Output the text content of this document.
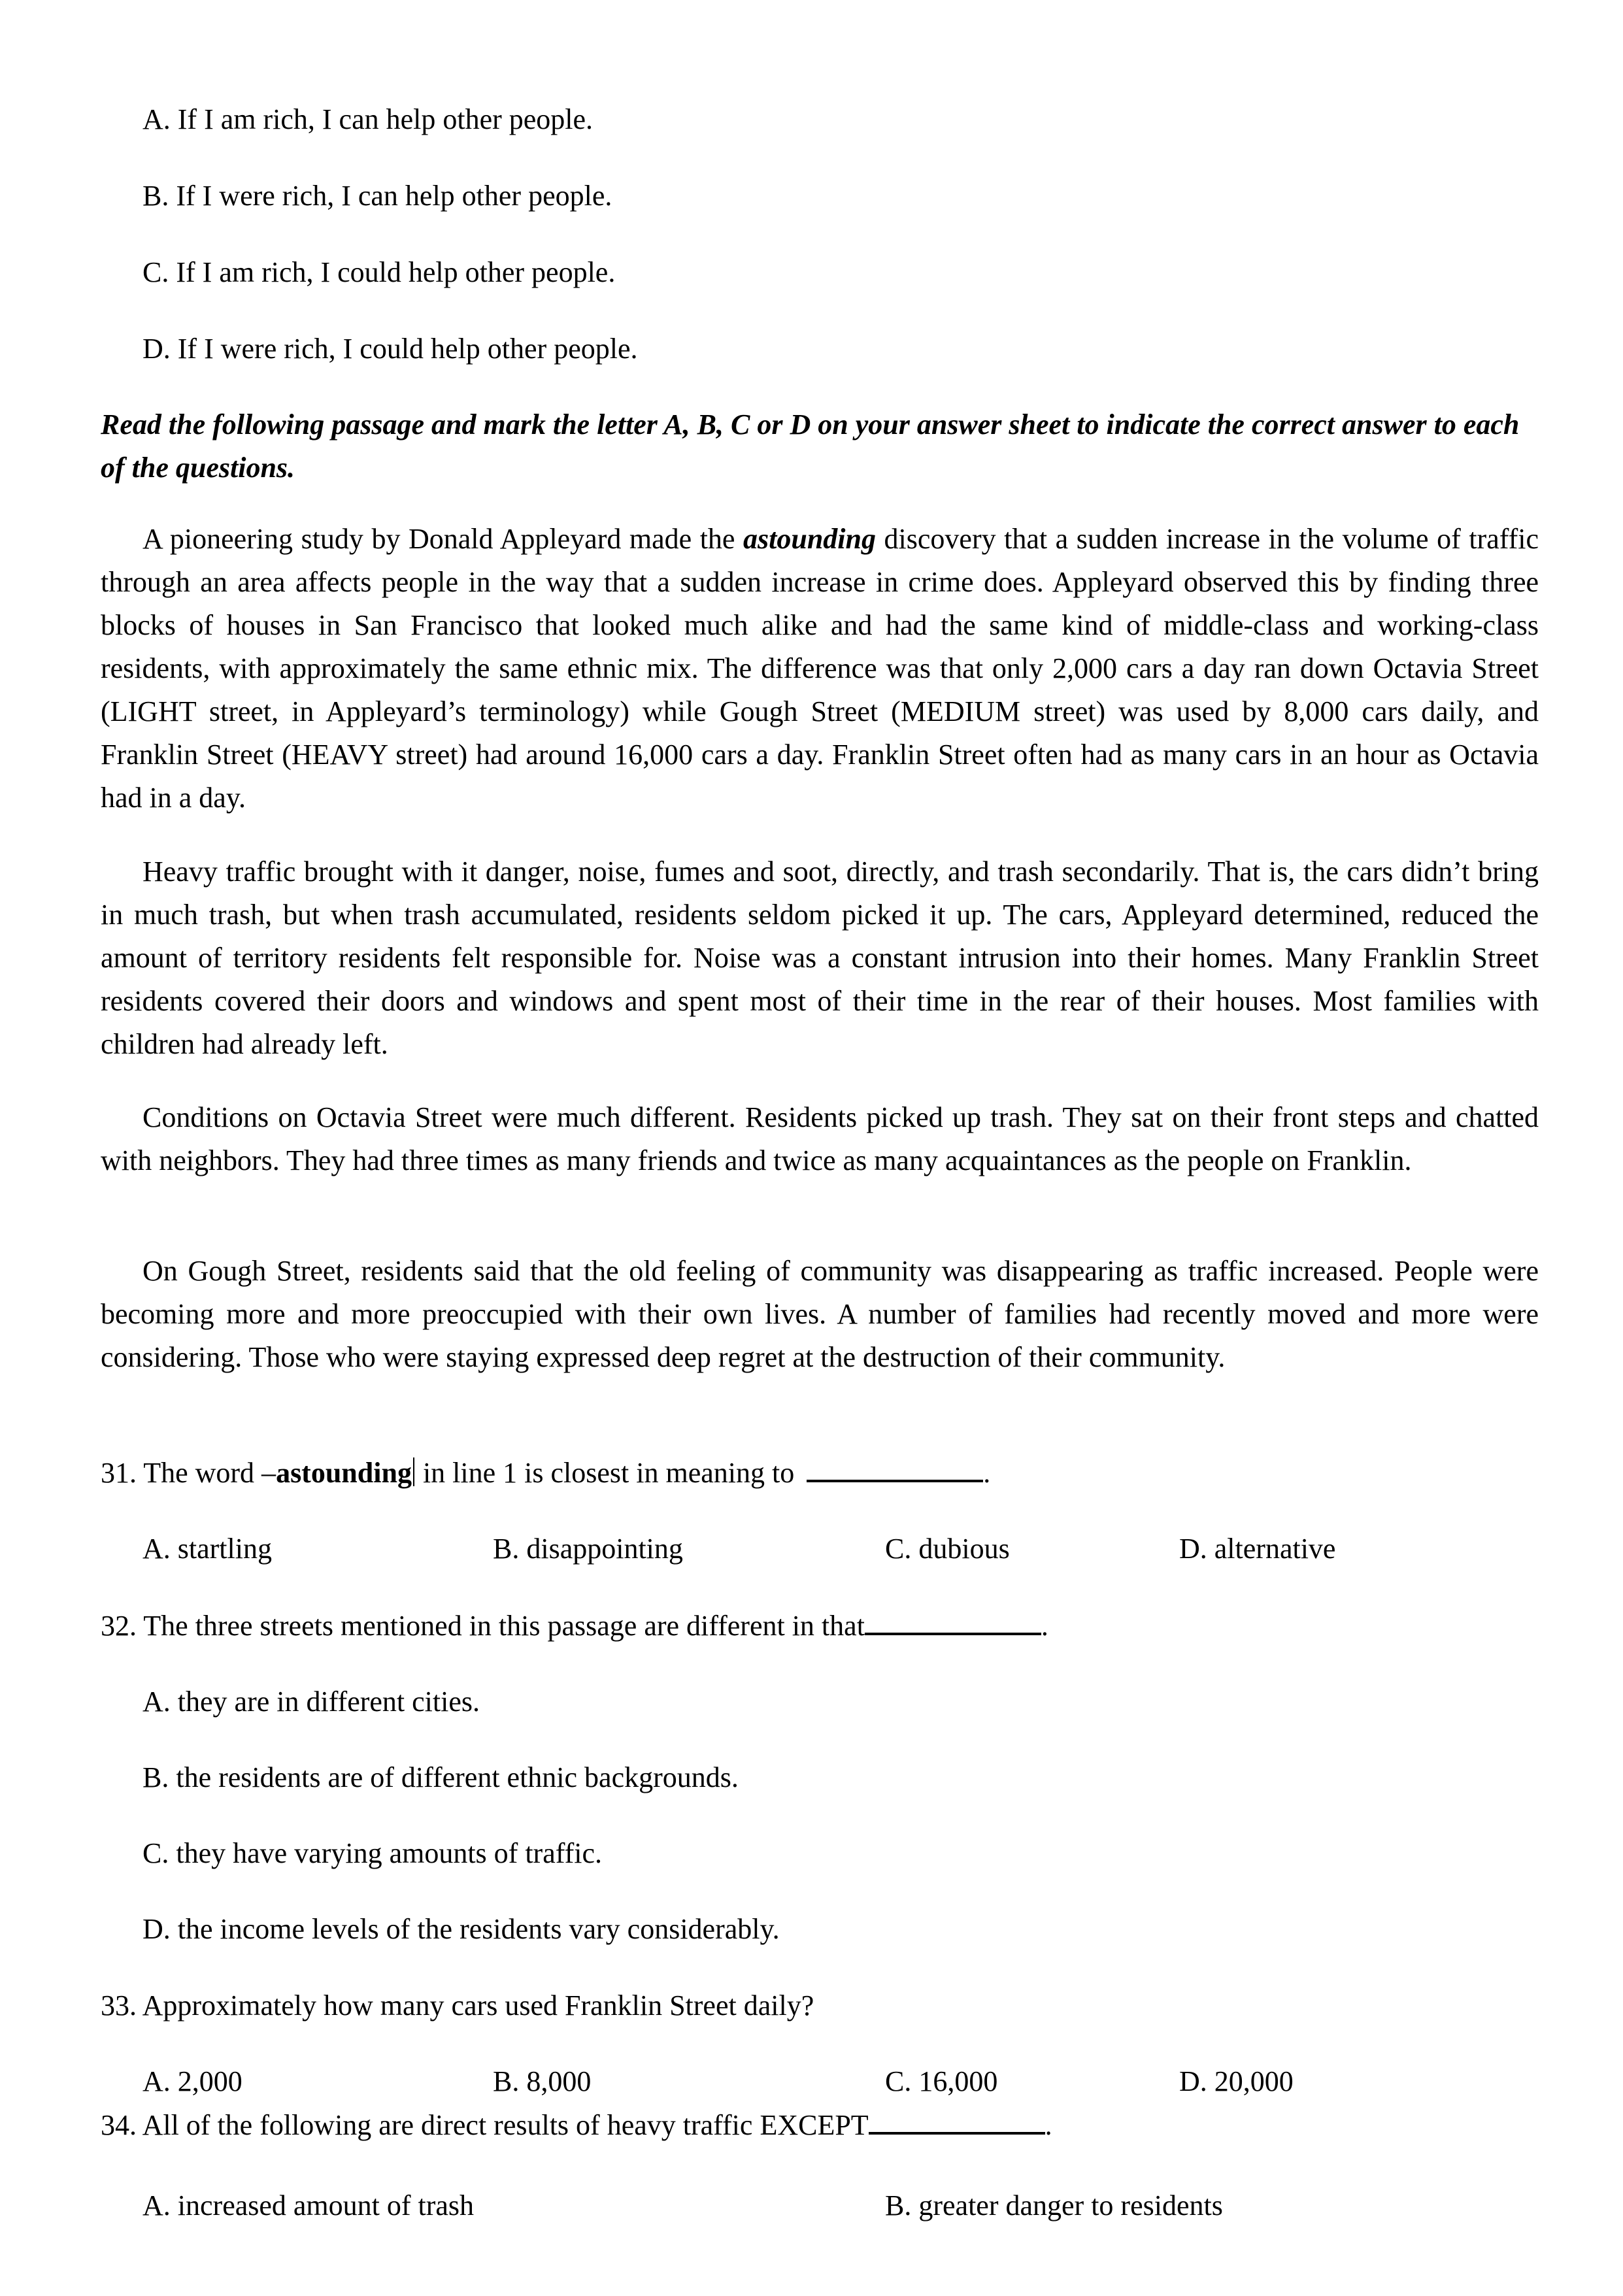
A. If I am rich, I can help other people.
B. If I were rich, I can help other people.
C. If I am rich, I could help other people.
D. If I were rich, I could help other people.
Read the following passage and mark the letter A, B, C or D on your answer sheet to indicate the correct answer to each of the questions.
A pioneering study by Donald Appleyard made the astounding discovery that a sudden increase in the volume of traffic through an area affects people in the way that a sudden increase in crime does. Appleyard observed this by finding three blocks of houses in San Francisco that looked much alike and had the same kind of middle-class and working-class residents, with approximately the same ethnic mix. The difference was that only 2,000 cars a day ran down Octavia Street (LIGHT street, in Appleyard’s terminology) while Gough Street (MEDIUM street) was used by 8,000 cars daily, and Franklin Street (HEAVY street) had around 16,000 cars a day. Franklin Street often had as many cars in an hour as Octavia had in a day.
Heavy traffic brought with it danger, noise, fumes and soot, directly, and trash secondarily. That is, the cars didn’t bring in much trash, but when trash accumulated, residents seldom picked it up. The cars, Appleyard determined, reduced the amount of territory residents felt responsible for. Noise was a constant intrusion into their homes. Many Franklin Street residents covered their doors and windows and spent most of their time in the rear of their houses. Most families with children had already left.
Conditions on Octavia Street were much different. Residents picked up trash. They sat on their front steps and chatted with neighbors. They had three times as many friends and twice as many acquaintances as the people on Franklin.
On Gough Street, residents said that the old feeling of community was disappearing as traffic increased. People were becoming more and more preoccupied with their own lives. A number of families had recently moved and more were considering. Those who were staying expressed deep regret at the destruction of their community.
31. The word –astounding in line 1 is closest in meaning to	.
A. startling	B. disappointing	C. dubious	D. alternative
32. The three streets mentioned in this passage are different in that	.
A. they are in different cities.
B. the residents are of different ethnic backgrounds.
C. they have varying amounts of traffic.
D. the income levels of the residents vary considerably.
33. Approximately how many cars used Franklin Street daily?
A. 2,000	B. 8,000	C. 16,000	D. 20,000
34. All of the following are direct results of heavy traffic EXCEPT	.
A. increased amount of trash	B. greater danger to residents
